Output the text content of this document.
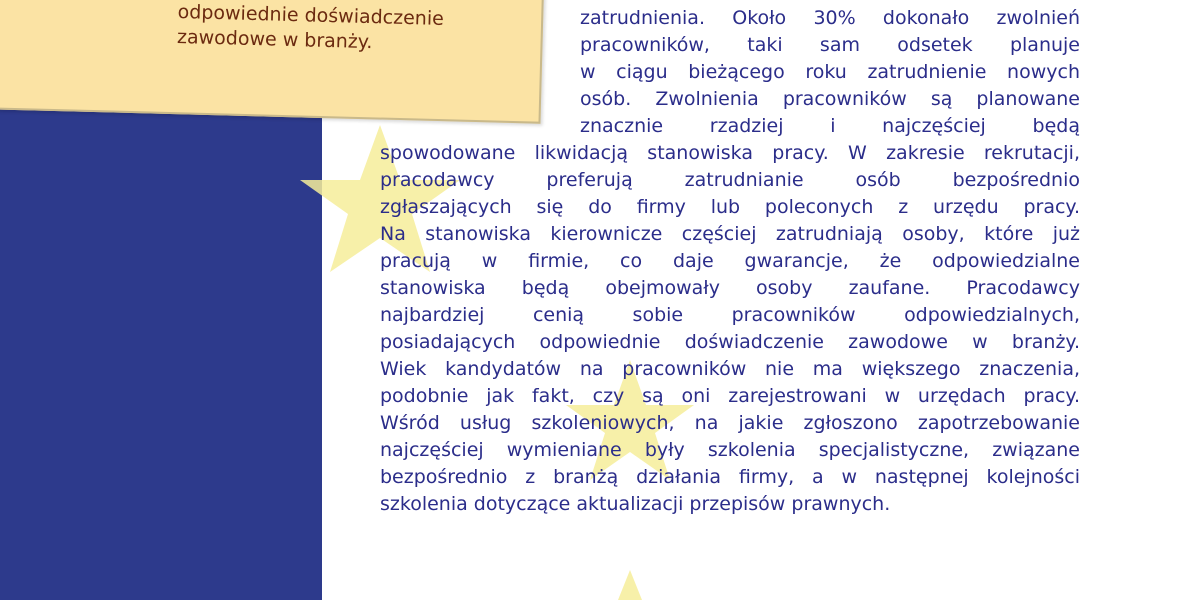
odpowiednie doświadczenie
zawodowe w branży.
zatrudnienia. Około 30% dokonało zwolnień
pracowników, taki sam odsetek planuje
w ciągu bieżącego roku zatrudnienie nowych
osób. Zwolnienia pracowników są planowane
znacznie rzadziej i najczęściej będą
spowodowane likwidacją stanowiska pracy. W zakresie rekrutacji,
pracodawcy preferują zatrudnianie osób bezpośrednio
zgłaszających się do firmy lub poleconych z urzędu pracy.
Na stanowiska kierownicze częściej zatrudniają osoby, które już
pracują w firmie, co daje gwarancje, że odpowiedzialne
stanowiska będą obejmowały osoby zaufane. Pracodawcy
najbardziej cenią sobie pracowników odpowiedzialnych,
posiadających odpowiednie doświadczenie zawodowe w branży.
Wiek kandydatów na pracowników nie ma większego znaczenia,
podobnie jak fakt, czy są oni zarejestrowani w urzędach pracy.
Wśród usług szkoleniowych, na jakie zgłoszono zapotrzebowanie
najczęściej wymieniane były szkolenia specjalistyczne, związane
bezpośrednio z branżą działania firmy, a w następnej kolejności
szkolenia dotyczące aktualizacji przepisów prawnych.
